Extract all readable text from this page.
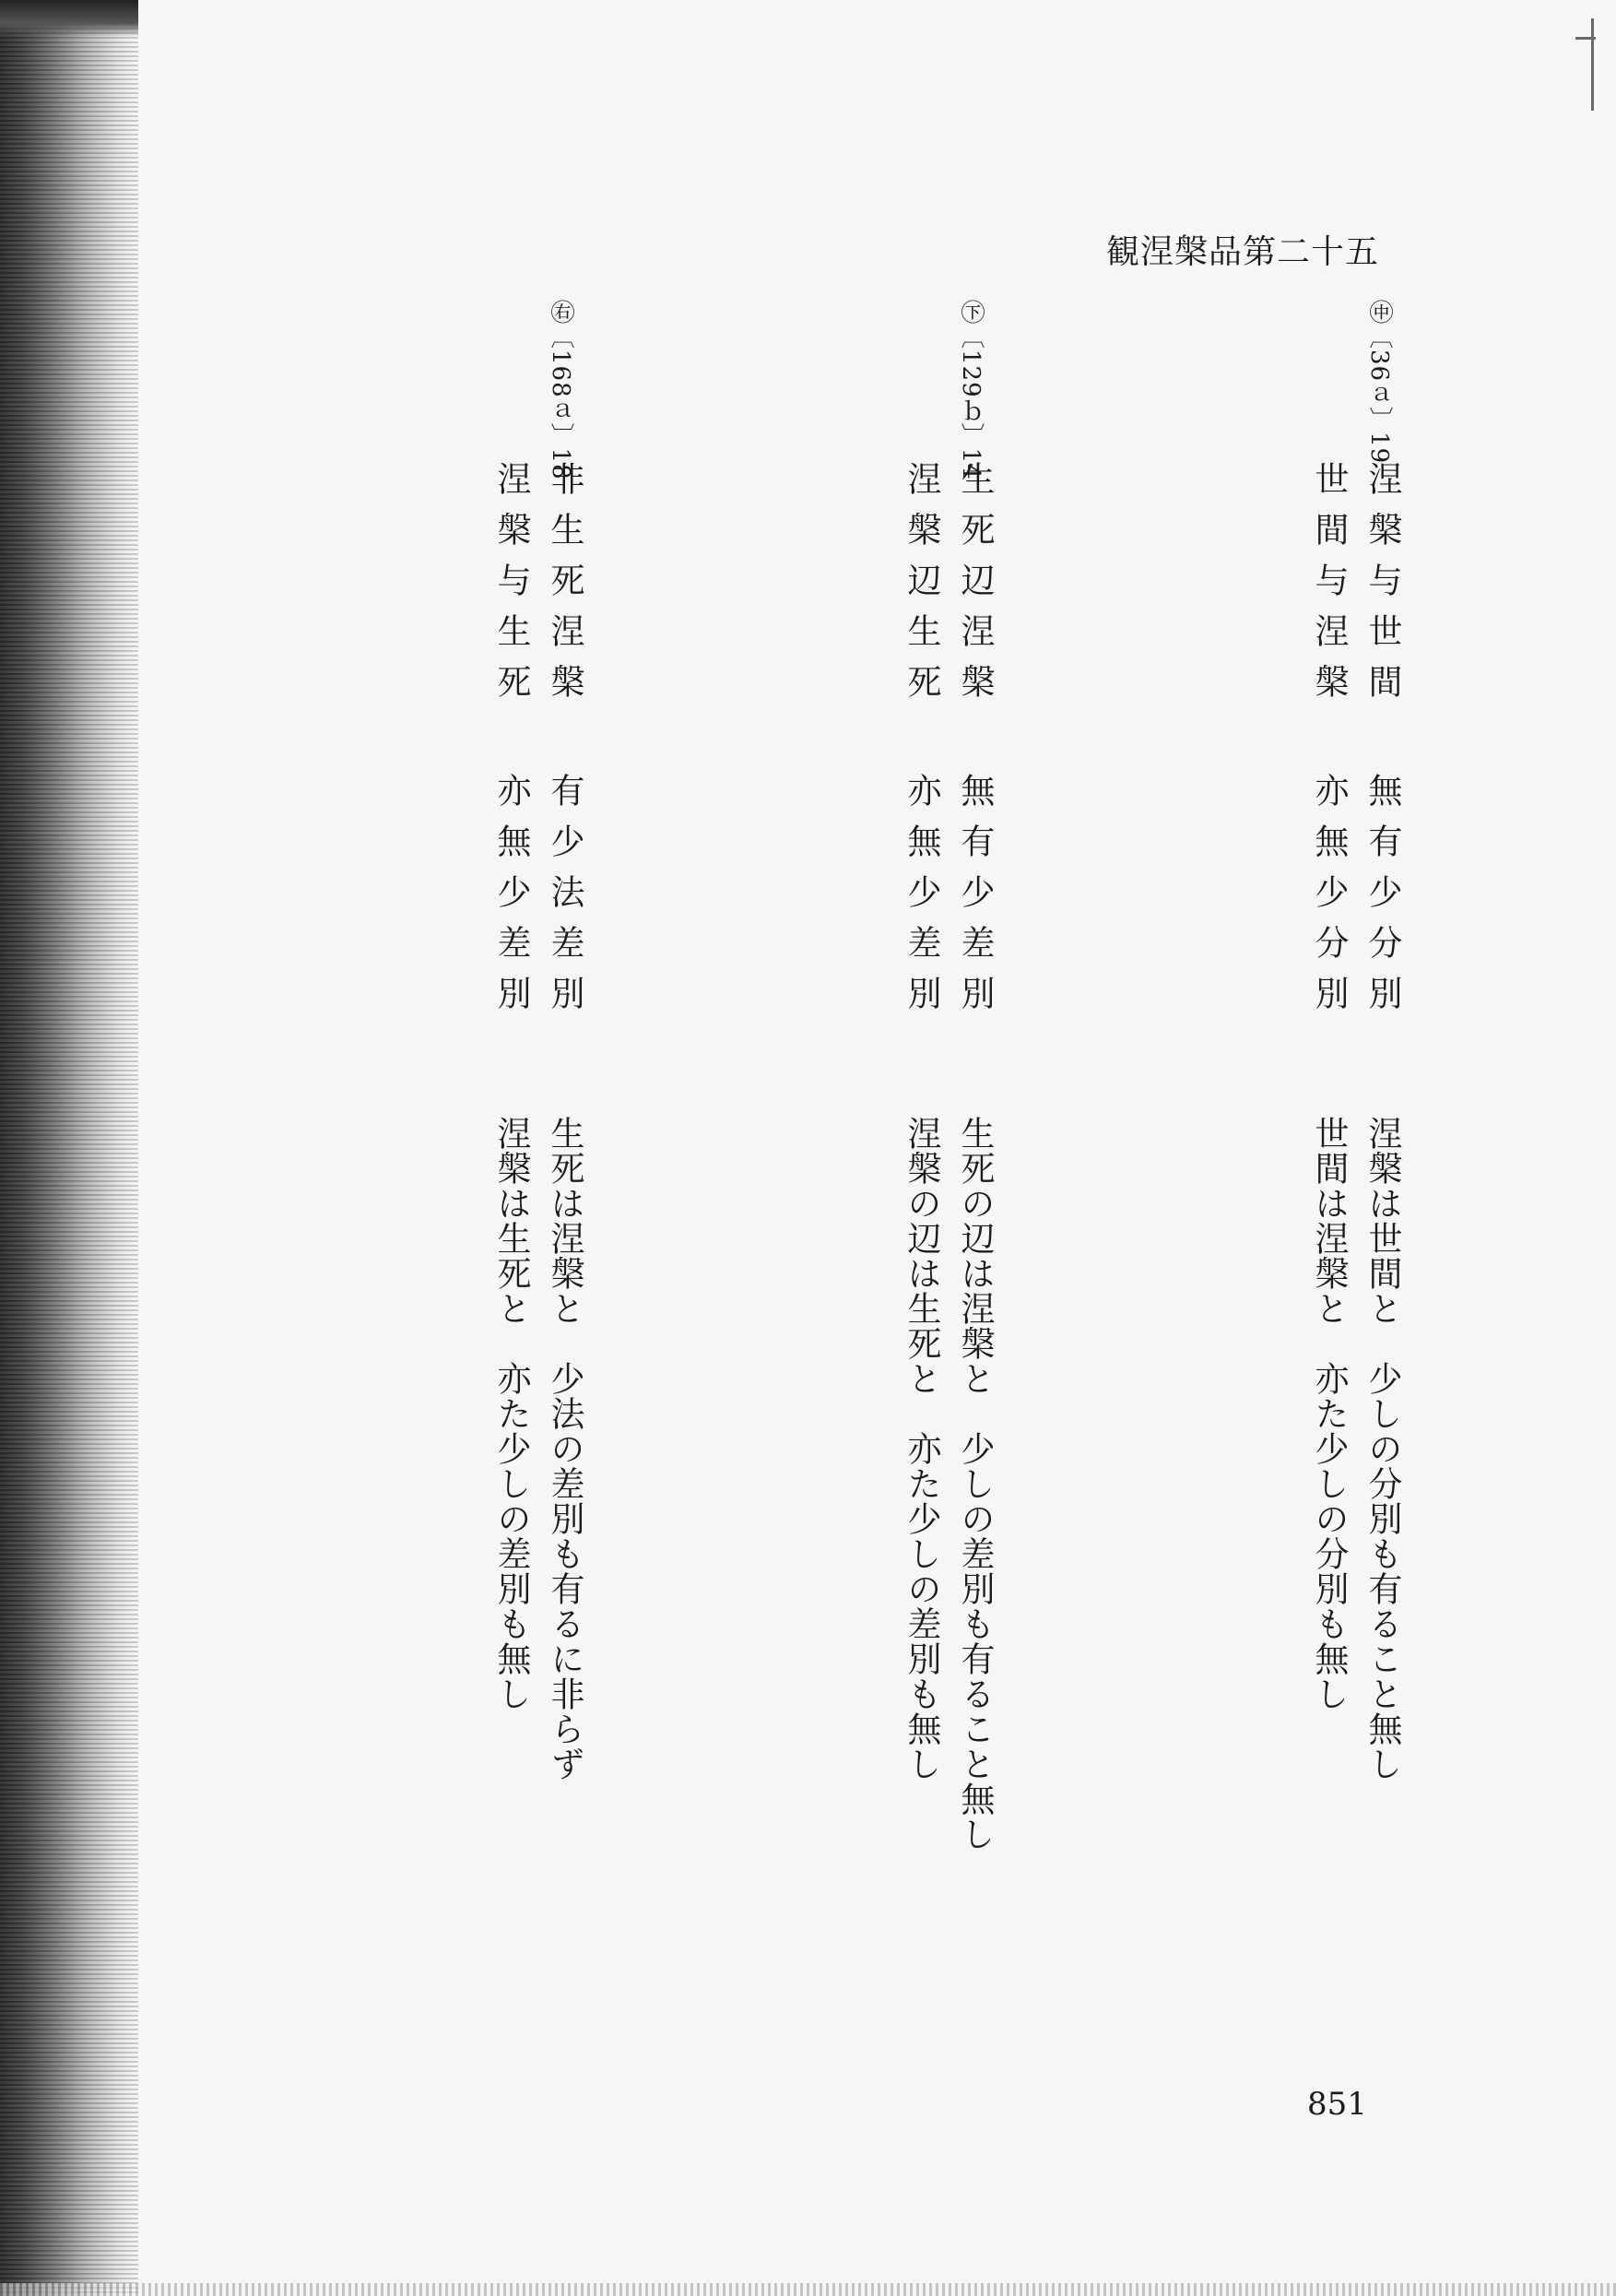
観涅槃品第二十五
㊥〔36ａ〕19
涅槃与世間
無有少分別
世間与涅槃
亦無少分別
涅槃は世間と　少しの分別も有ること無し
世間は涅槃と　亦た少しの分別も無し
㊦〔129ｂ〕14
生死辺涅槃
無有少差別
涅槃辺生死
亦無少差別
生死の辺は涅槃と　少しの差別も有ること無し
涅槃の辺は生死と　亦た少しの差別も無し
㊨〔168ａ〕18
非生死涅槃
有少法差別
涅槃与生死
亦無少差別
生死は涅槃と　少法の差別も有るに非らず
涅槃は生死と　亦た少しの差別も無し
851
